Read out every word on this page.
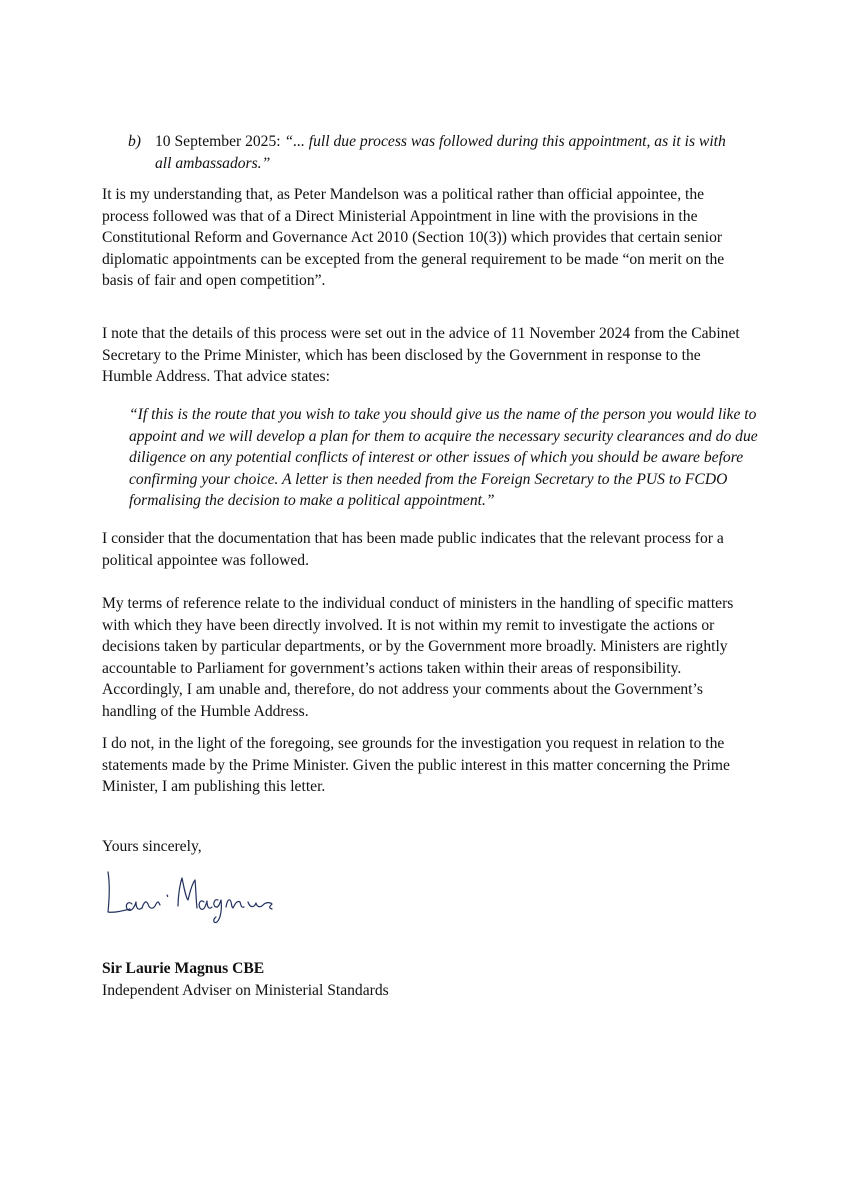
b) 10 September 2025: “... full due process was followed during this appointment, as it is with
all ambassadors.”

It is my understanding that, as Peter Mandelson was a political rather than official appointee, the process followed was that of a Direct Ministerial Appointment in line with the provisions in the Constitutional Reform and Governance Act 2010 (Section 10(3)) which provides that certain senior diplomatic appointments can be excepted from the general requirement to be made “on merit on the basis of fair and open competition”.

I note that the details of this process were set out in the advice of 11 November 2024 from the Cabinet Secretary to the Prime Minister, which has been disclosed by the Government in response to the Humble Address. That advice states:

“If this is the route that you wish to take you should give us the name of the person you would like to appoint and we will develop a plan for them to acquire the necessary security clearances and do due diligence on any potential conflicts of interest or other issues of which you should be aware before confirming your choice. A letter is then needed from the Foreign Secretary to the PUS to FCDO formalising the decision to make a political appointment.”

I consider that the documentation that has been made public indicates that the relevant process for a political appointee was followed.

My terms of reference relate to the individual conduct of ministers in the handling of specific matters with which they have been directly involved. It is not within my remit to investigate the actions or decisions taken by particular departments, or by the Government more broadly. Ministers are rightly accountable to Parliament for government’s actions taken within their areas of responsibility. Accordingly, I am unable and, therefore, do not address your comments about the Government’s handling of the Humble Address.

I do not, in the light of the foregoing, see grounds for the investigation you request in relation to the statements made by the Prime Minister. Given the public interest in this matter concerning the Prime Minister, I am publishing this letter.

Yours sincerely,

Sir Laurie Magnus CBE

Independent Adviser on Ministerial Standards
